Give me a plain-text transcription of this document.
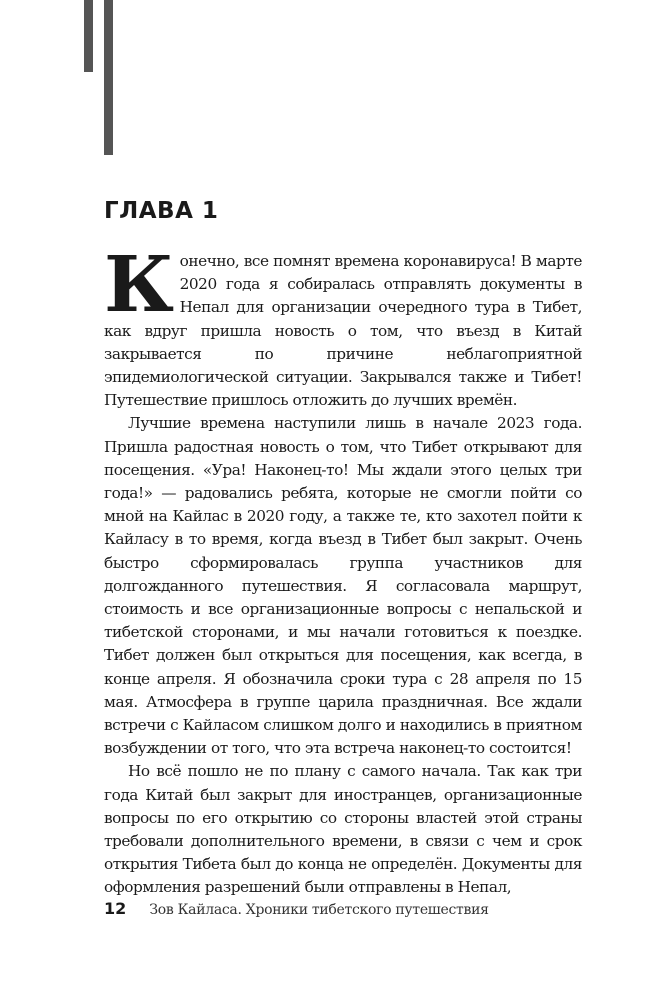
ГЛАВА 1

Конечно, все помнят времена коронавируса! В марте 2020 года я собиралась отправлять документы в Непал для организации очередного тура в Тибет, как вдруг пришла новость о том, что въезд в Китай закрывается по причине неблагоприятной эпидемиологической ситуации. Закрывался также и Тибет! Путешествие пришлось отложить до лучших времён.

Лучшие времена наступили лишь в начале 2023 года. Пришла радостная новость о том, что Тибет открывают для посещения. «Ура! Наконец-то! Мы ждали этого целых три года!» — радовались ребята, которые не смогли пойти со мной на Кайлас в 2020 году, а также те, кто захотел пойти к Кайласу в то время, когда въезд в Тибет был закрыт. Очень быстро сформировалась группа участников для долгожданного путешествия. Я согласовала маршрут, стоимость и все организационные вопросы с непальской и тибетской сторонами, и мы начали готовиться к поездке. Тибет должен был открыться для посещения, как всегда, в конце апреля. Я обозначила сроки тура с 28 апреля по 15 мая. Атмосфера в группе царила праздничная. Все ждали встречи с Кайласом слишком долго и находились в приятном возбуждении от того, что эта встреча наконец-то состоится!

Но всё пошло не по плану с самого начала. Так как три года Китай был закрыт для иностранцев, организационные вопросы по его открытию со стороны властей этой страны требовали дополнительного времени, в связи с чем и срок открытия Тибета был до конца не определён. Документы для оформления разрешений были отправлены в Непал,

12 Зов Кайласа. Хроники тибетского путешествия
